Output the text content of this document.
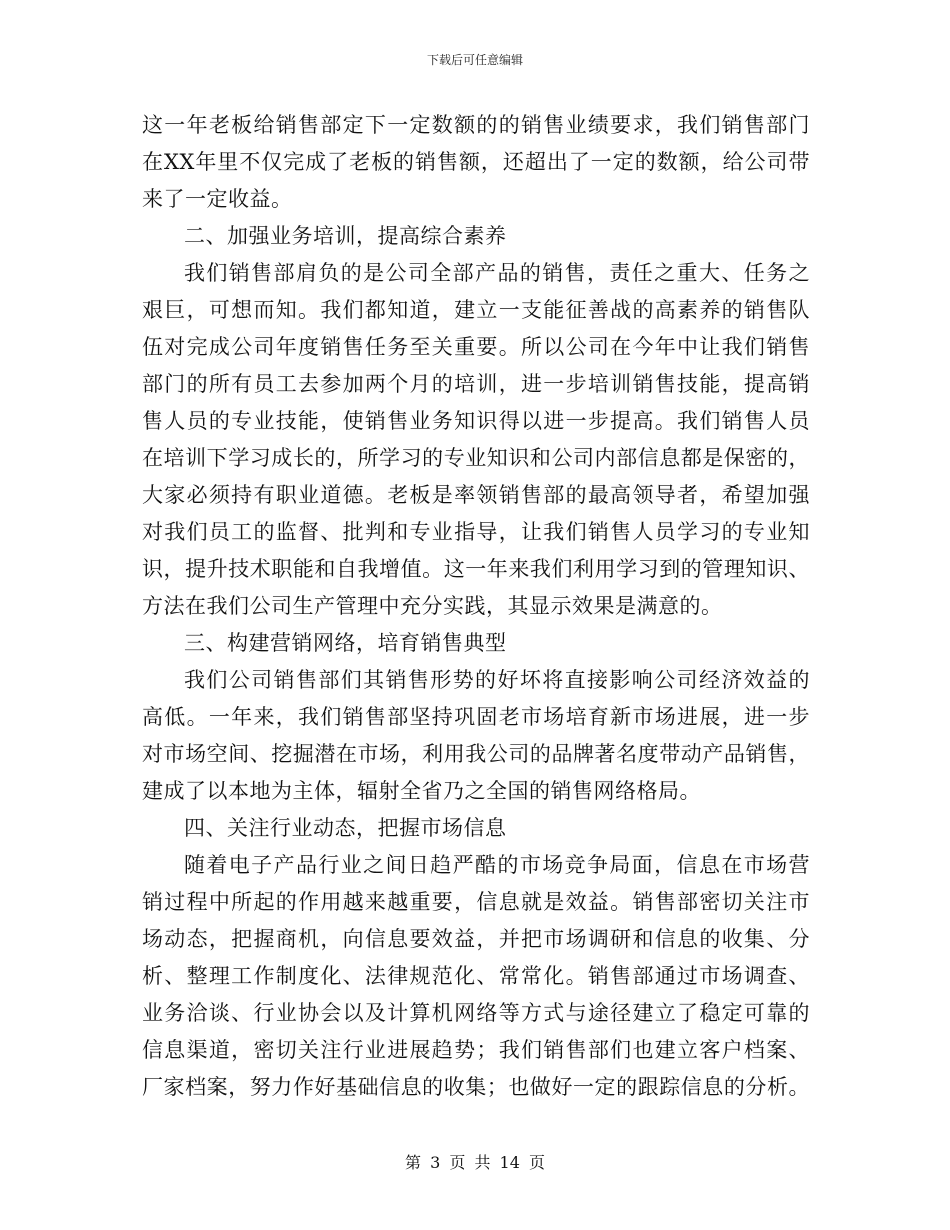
下载后可任意编辑
这一年老板给销售部定下一定数额的的销售业绩要求，我们销售部门
在XX年里不仅完成了老板的销售额，还超出了一定的数额，给公司带
来了一定收益。
二、加强业务培训，提高综合素养
我们销售部肩负的是公司全部产品的销售，责任之重大、任务之
艰巨，可想而知。我们都知道，建立一支能征善战的高素养的销售队
伍对完成公司年度销售任务至关重要。所以公司在今年中让我们销售
部门的所有员工去参加两个月的培训，进一步培训销售技能，提高销
售人员的专业技能，使销售业务知识得以进一步提高。我们销售人员
在培训下学习成长的，所学习的专业知识和公司内部信息都是保密的，
大家必须持有职业道德。老板是率领销售部的最高领导者，希望加强
对我们员工的监督、批判和专业指导，让我们销售人员学习的专业知
识，提升技术职能和自我增值。这一年来我们利用学习到的管理知识、
方法在我们公司生产管理中充分实践，其显示效果是满意的。
三、构建营销网络，培育销售典型
我们公司销售部们其销售形势的好坏将直接影响公司经济效益的
高低。一年来，我们销售部坚持巩固老市场培育新市场进展，进一步
对市场空间、挖掘潜在市场，利用我公司的品牌著名度带动产品销售，
建成了以本地为主体，辐射全省乃之全国的销售网络格局。
四、关注行业动态，把握市场信息
随着电子产品行业之间日趋严酷的市场竞争局面，信息在市场营
销过程中所起的作用越来越重要，信息就是效益。销售部密切关注市
场动态，把握商机，向信息要效益，并把市场调研和信息的收集、分
析、整理工作制度化、法律规范化、常常化。销售部通过市场调查、
业务洽谈、行业协会以及计算机网络等方式与途径建立了稳定可靠的
信息渠道，密切关注行业进展趋势；我们销售部们也建立客户档案、
厂家档案，努力作好基础信息的收集；也做好一定的跟踪信息的分析。
第 3 页 共 14 页
